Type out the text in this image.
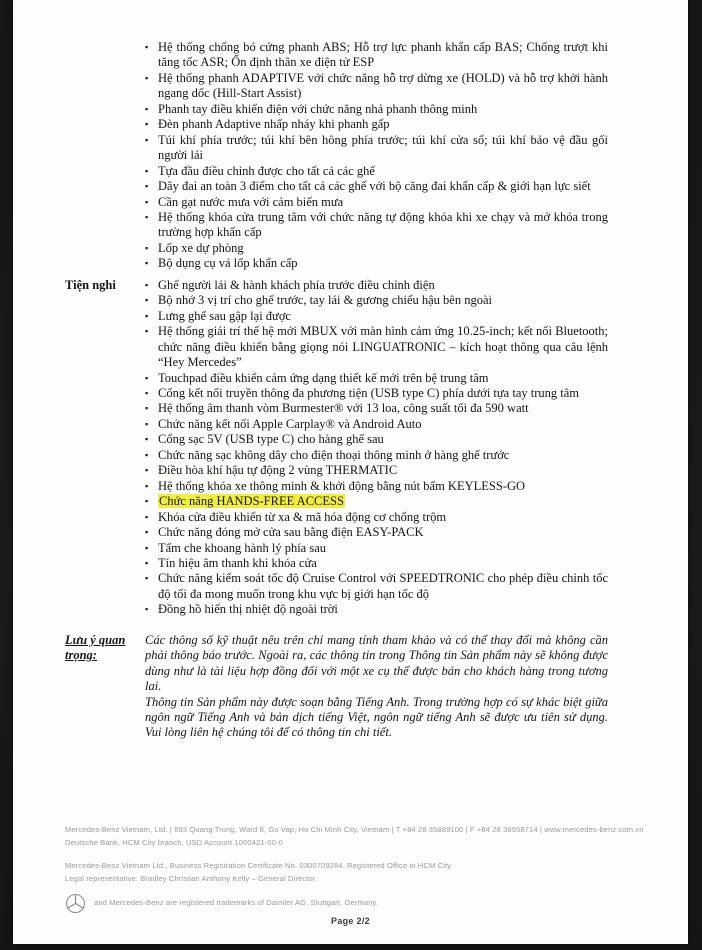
▪ Hệ thống chống bó cứng phanh ABS; Hỗ trợ lực phanh khẩn cấp BAS; Chống trượt khi tăng tốc ASR; Ổn định thân xe điện tử ESP
▪ Hệ thống phanh ADAPTIVE với chức năng hỗ trợ dừng xe (HOLD) và hỗ trợ khởi hành ngang dốc (Hill-Start Assist)
▪ Phanh tay điều khiển điện với chức năng nhả phanh thông minh
▪ Đèn phanh Adaptive nhấp nháy khi phanh gấp
▪ Túi khí phía trước; túi khí bên hông phía trước; túi khí cửa sổ; túi khí bảo vệ đầu gối người lái
▪ Tựa đầu điều chỉnh được cho tất cả các ghế
▪ Dây đai an toàn 3 điểm cho tất cả các ghế với bộ căng đai khẩn cấp & giới hạn lực siết
▪ Cần gạt nước mưa với cảm biến mưa
▪ Hệ thống khóa cửa trung tâm với chức năng tự động khóa khi xe chạy và mở khóa trong trường hợp khẩn cấp
▪ Lốp xe dự phòng
▪ Bộ dụng cụ vá lốp khẩn cấp
Tiện nghi	▪ Ghế người lái & hành khách phía trước điều chỉnh điện
▪ Bộ nhớ 3 vị trí cho ghế trước, tay lái & gương chiếu hậu bên ngoài
▪ Lưng ghế sau gập lại được
▪ Hệ thống giải trí thế hệ mới MBUX với màn hình cảm ứng 10.25-inch; kết nối Bluetooth; chức năng điều khiển bằng giọng nói LINGUATRONIC – kích hoạt thông qua câu lệnh “Hey Mercedes”
▪ Touchpad điều khiển cảm ứng dạng thiết kế mới trên bệ trung tâm
▪ Cổng kết nối truyền thông đa phương tiện (USB type C) phía dưới tựa tay trung tâm
▪ Hệ thống âm thanh vòm Burmester® với 13 loa, công suất tối đa 590 watt
▪ Chức năng kết nối Apple Carplay® và Android Auto
▪ Cổng sạc 5V (USB type C) cho hàng ghế sau
▪ Chức năng sạc không dây cho điện thoại thông minh ở hàng ghế trước
▪ Điều hòa khí hậu tự động 2 vùng THERMATIC
▪ Hệ thống khóa xe thông minh & khởi động bằng nút bấm KEYLESS-GO
▪ Chức năng HANDS-FREE ACCESS
▪ Khóa cửa điều khiển từ xa & mã hóa động cơ chống trộm
▪ Chức năng đóng mở cửa sau bằng điện EASY-PACK
▪ Tấm che khoang hành lý phía sau
▪ Tín hiệu âm thanh khi khóa cửa
▪ Chức năng kiểm soát tốc độ Cruise Control với SPEEDTRONIC cho phép điều chỉnh tốc độ tối đa mong muốn trong khu vực bị giới hạn tốc độ
▪ Đồng hồ hiển thị nhiệt độ ngoài trời
Lưu ý quan
trọng:

Các thông số kỹ thuật nêu trên chỉ mang tính tham khảo và có thể thay đổi mà không cần phải thông báo trước. Ngoài ra, các thông tin trong Thông tin Sản phẩm này sẽ không được dùng như là tài liệu hợp đồng đối với một xe cụ thể được bán cho khách hàng trong tương lai.

Thông tin Sản phẩm này được soạn bằng Tiếng Anh. Trong trường hợp có sự khác biệt giữa ngôn ngữ Tiếng Anh và bản dịch tiếng Việt, ngôn ngữ tiếng Anh sẽ được ưu tiên sử dụng. Vui lòng liên hệ chúng tôi để có thông tin chi tiết.

Mercedes-Benz Vietnam, Ltd. | 693 Quang Trung, Ward 8, Go Vap, Ho Chi Minh City, Vietnam | T +84 28 35889100 | F +84 28 38958714 | www.mercedes-benz.com.vn
Deutsche Bank, HCM City branch, USD Account 1000421-00-0
Mercedes-Benz Vietnam Ltd., Business Registration Certificate No. 0300709284. Registered Office in HCM City
Legal representative: Bradley Christian Anthony Kelly – General Director.
and Mercedes-Benz are registered trademarks of Daimler AG, Stuttgart, Germany.
Page 2/2
